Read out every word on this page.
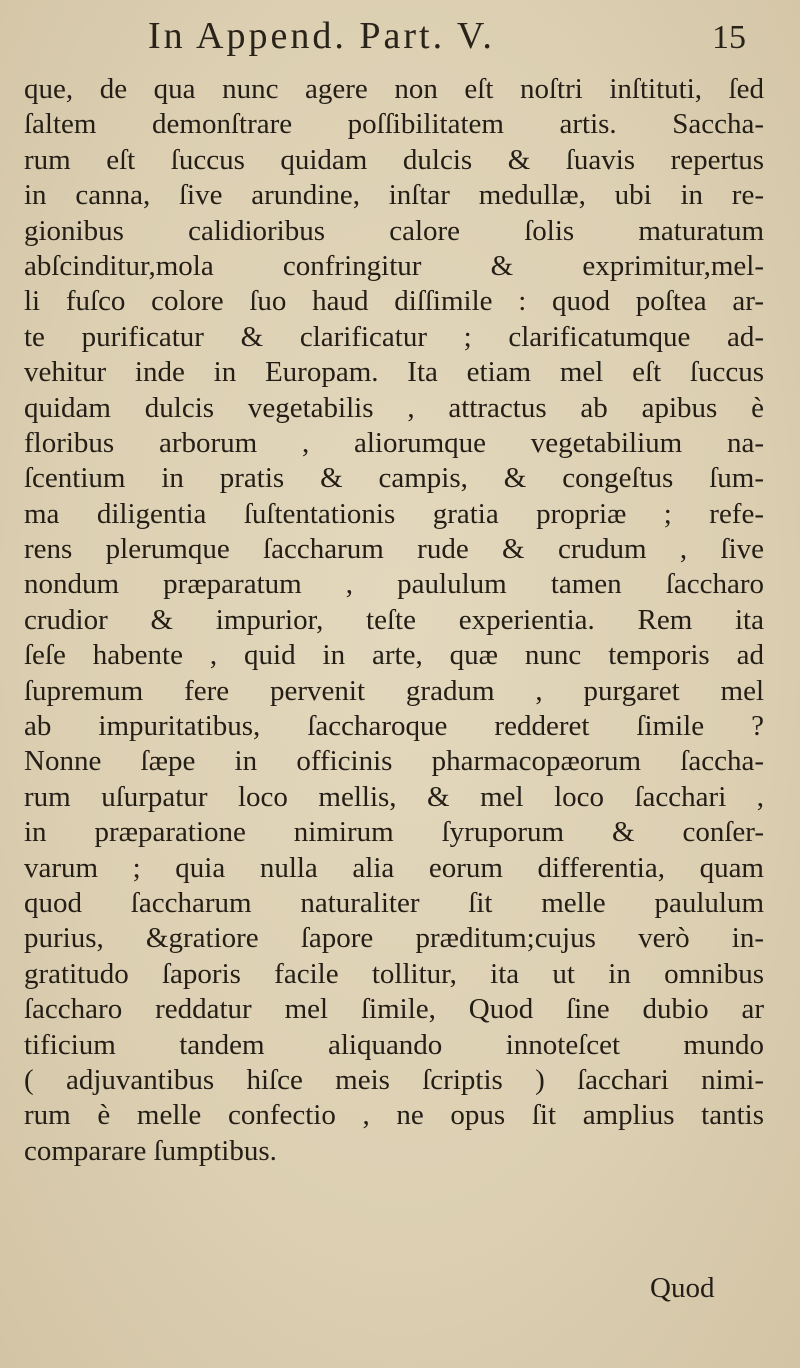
In Append. Part. V.	15
que, de qua nunc agere non eſt noſtri inſtituti, ſed
ſaltem demonſtrare poſſibilitatem artis. Saccha-
rum eſt ſuccus quidam dulcis & ſuavis repertus
in canna, ſive arundine, inſtar medullæ, ubi in re-
gionibus calidioribus calore ſolis maturatum
abſcinditur,mola confringitur & exprimitur,mel-
li fuſco colore ſuo haud diſſimile : quod poſtea ar-
te purificatur & clarificatur ; clarificatumque ad-
vehitur inde in Europam. Ita etiam mel eſt ſuccus
quidam dulcis vegetabilis , attractus ab apibus è
floribus arborum , aliorumque vegetabilium na-
ſcentium in pratis & campis, & congeſtus ſum-
ma diligentia ſuſtentationis gratia propriæ ; refe-
rens plerumque ſaccharum rude & crudum , ſive
nondum præparatum , paululum tamen ſaccharo
crudior & impurior, teſte experientia. Rem ita
ſeſe habente , quid in arte, quæ nunc temporis ad
ſupremum fere pervenit gradum , purgaret mel
ab impuritatibus, ſaccharoque redderet ſimile ?
Nonne ſæpe in officinis pharmacopæorum ſaccha-
rum uſurpatur loco mellis, & mel loco ſacchari ,
in præparatione nimirum ſyruporum & conſer-
varum ; quia nulla alia eorum differentia, quam
quod ſaccharum naturaliter ſit melle paululum
purius, &gratiore ſapore præditum;cujus verò in-
gratitudo ſaporis facile tollitur, ita ut in omnibus
ſaccharo reddatur mel ſimile, Quod ſine dubio ar
tificium tandem aliquando innoteſcet mundo
( adjuvantibus hiſce meis ſcriptis ) ſacchari nimi-
rum è melle confectio , ne opus ſit amplius tantis
comparare ſumptibus.
Quod
